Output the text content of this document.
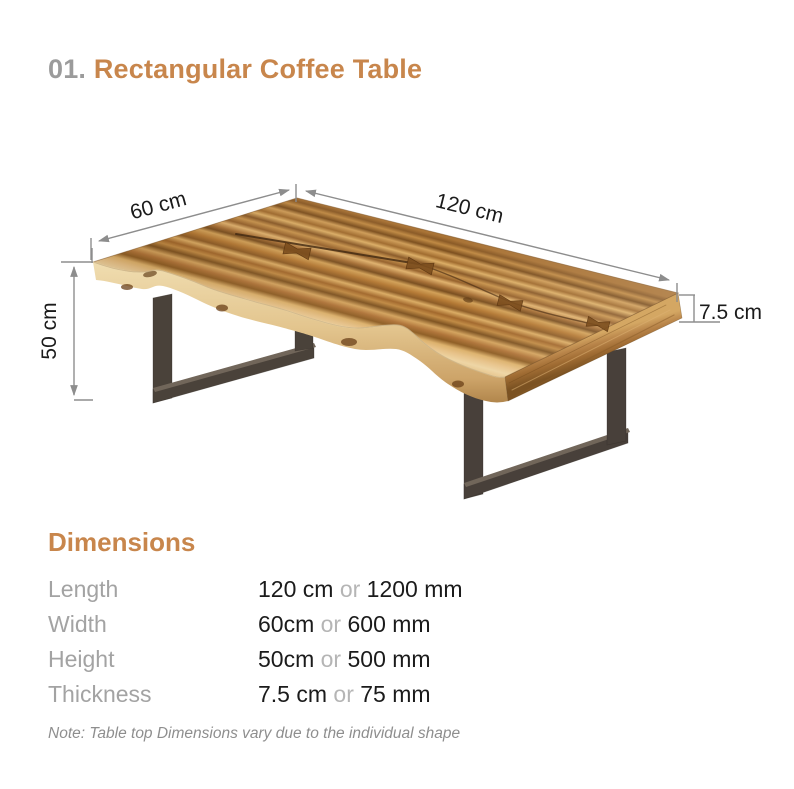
01. Rectangular Coffee Table
60 cm	120 cm
50 cm	7.5 cm
Dimensions
Length	120 cm or 1200 mm
Width	60cm or 600 mm
Height	50cm or 500 mm
Thickness	7.5 cm or 75 mm

Note: Table top Dimensions vary due to the individual shape
